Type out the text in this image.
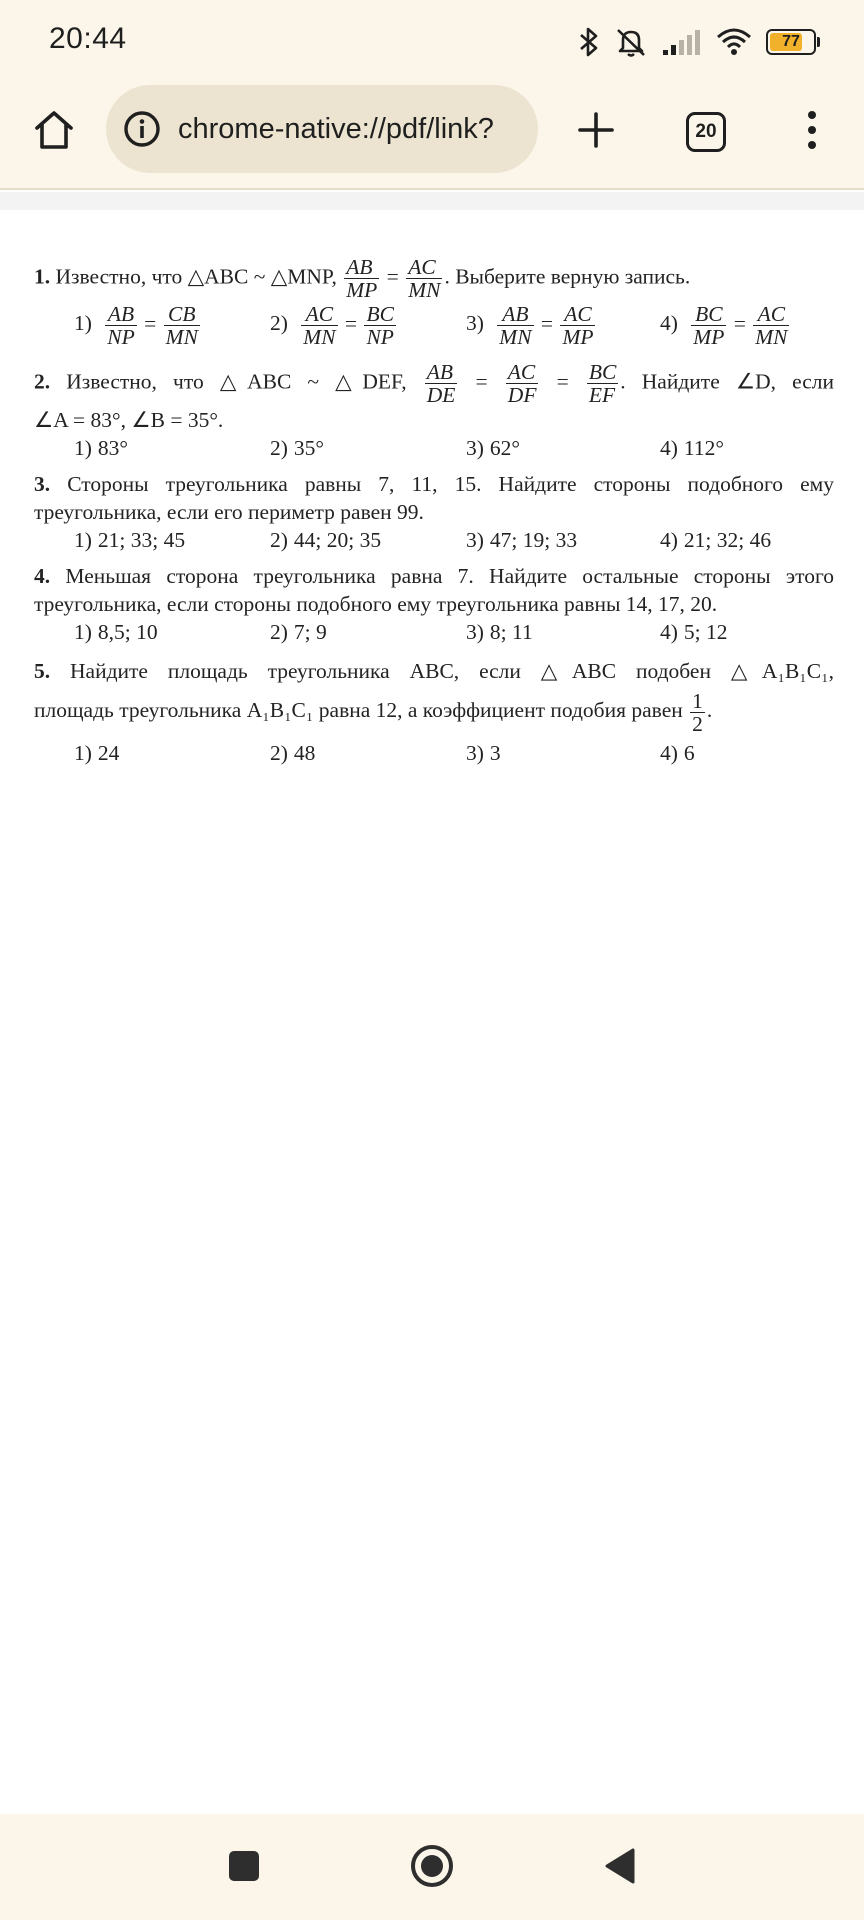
20:44	77
chrome-native://pdf/link?	20
1. Известно, что △ABC ~ △MNP, $\frac{AB}{MP} = \frac{AC}{MN}$ . Выберите верную запись.
$1) \frac{AB}{NP} = \frac{CB}{MN}$	$2) \frac{AC}{MN} = \frac{BC}{NP}$	$3) \frac{AB}{MN} = \frac{AC}{MP}$	$4) \frac{BC}{MP} = \frac{AC}{MN}$
2. Известно, что △ABC ~ △DEF, $\frac{AB}{DE} = \frac{AC}{DF} = \frac{BC}{EF}$ . Найдите ∠D, если
∠A = 83°, ∠B = 35°.
1) 83°	2) 35°	3) 62°	4) 112°
3. Стороны треугольника равны 7, 11, 15. Найдите стороны подобного ему
треугольника, если его периметр равен 99.
1) 21; 33; 45	2) 44; 20; 35	3) 47; 19; 33	4) 21; 32; 46
4. Меньшая сторона треугольника равна 7. Найдите остальные стороны этого
треугольника, если стороны подобного ему треугольника равны 14, 17, 20.
1) 8,5; 10	2) 7; 9	3) 8; 11	4) 5; 12
5. Найдите площадь треугольника ABC, если △ABC подобен △A₁B₁C₁,
площадь треугольника A₁B₁C₁ равна 12, а коэффициент подобия равен $\frac{1}{2}$ .
1) 24	2) 48	3) 3	4) 6
